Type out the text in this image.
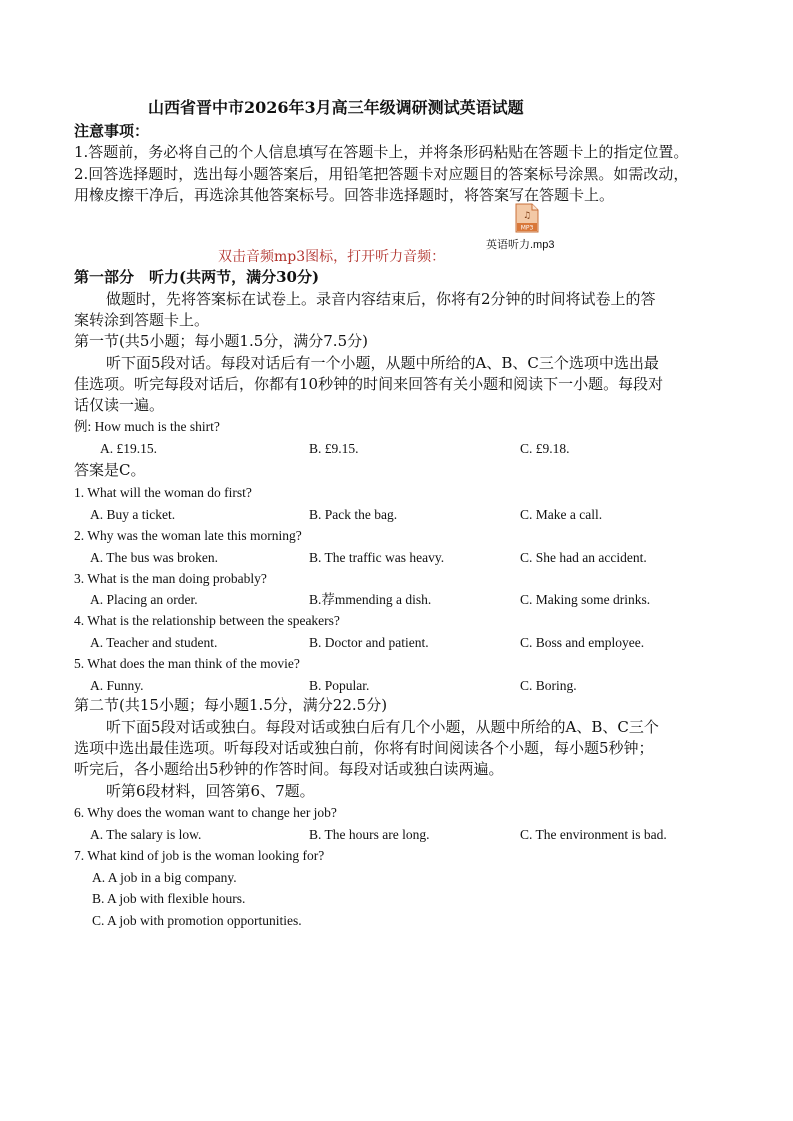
山西省晋中市2026年3月高三年级调研测试英语试题
注意事项：
1.答题前，务必将自己的个人信息填写在答题卡上，并将条形码粘贴在答题卡上的指定位置。
2.回答选择题时，选出每小题答案后，用铅笔把答题卡对应题目的答案标号涂黑。如需改动，
用橡皮擦干净后，再选涂其他答案标号。回答非选择题时，将答案写在答题卡上。
♫
MP3
英语听力.mp3
双击音频mp3图标，打开听力音频：
第一部分　听力(共两节，满分30分)
做题时，先将答案标在试卷上。录音内容结束后，你将有2分钟的时间将试卷上的答
案转涂到答题卡上。
第一节(共5小题；每小题1.5分，满分7.5分)
听下面5段对话。每段对话后有一个小题，从题中所给的A、B、C三个选项中选出最
佳选项。听完每段对话后，你都有10秒钟的时间来回答有关小题和阅读下一小题。每段对
话仅读一遍。
例: How much is the shirt?
A. £19.15.	B. £9.15.	C. £9.18.
答案是C。
1. What will the woman do first?
A. Buy a ticket.	B. Pack the bag.	C. Make a call.
2. Why was the woman late this morning?
A. The bus was broken.	B. The traffic was heavy.	C. She had an accident.
3. What is the man doing probably?
A. Placing an order.	B.荐mmending a dish.	C. Making some drinks.
4. What is the relationship between the speakers?
A. Teacher and student.	B. Doctor and patient.	C. Boss and employee.
5. What does the man think of the movie?
A. Funny.	B. Popular.	C. Boring.
第二节(共15小题；每小题1.5分，满分22.5分)
听下面5段对话或独白。每段对话或独白后有几个小题，从题中所给的A、B、C三个
选项中选出最佳选项。听每段对话或独白前，你将有时间阅读各个小题，每小题5秒钟；
听完后，各小题给出5秒钟的作答时间。每段对话或独白读两遍。
听第6段材料，回答第6、7题。
6. Why does the woman want to change her job?
A. The salary is low.	B. The hours are long.	C. The environment is bad.
7. What kind of job is the woman looking for?
A. A job in a big company.
B. A job with flexible hours.
C. A job with promotion opportunities.
